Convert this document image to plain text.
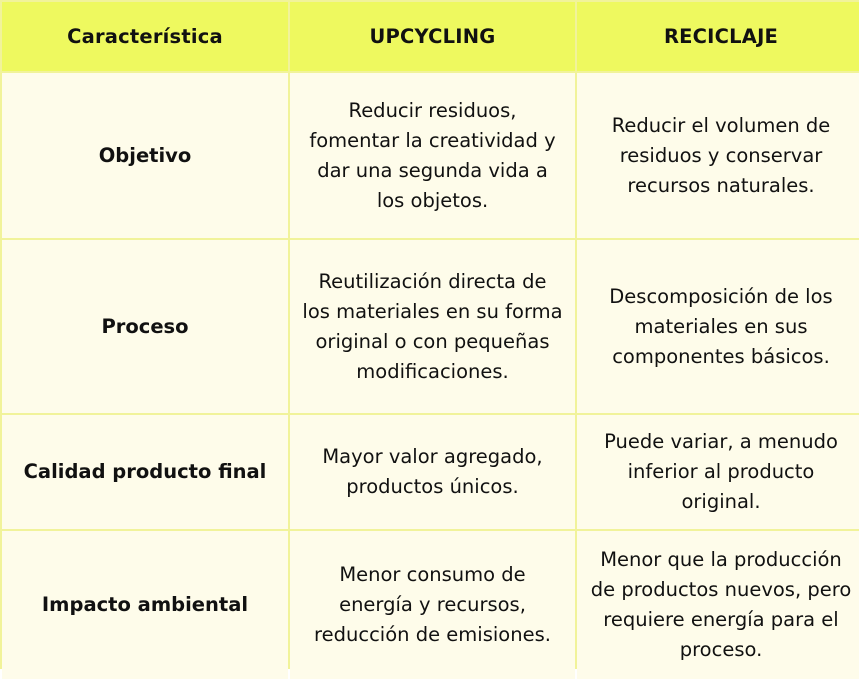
Característica	UPCYCLING	RECICLAJE
Objetivo
Reducir residuos, fomentar la creatividad y dar una segunda vida a los objetos.
Reducir el volumen de residuos y conservar recursos naturales.
Proceso
Reutilización directa de los materiales en su forma original o con pequeñas modificaciones.
Descomposición de los materiales en sus componentes básicos.
Calidad producto final
Mayor valor agregado, productos únicos.
Puede variar, a menudo inferior al producto original.
Impacto ambiental
Menor consumo de energía y recursos, reducción de emisiones.
Menor que la producción de productos nuevos, pero requiere energía para el proceso.
